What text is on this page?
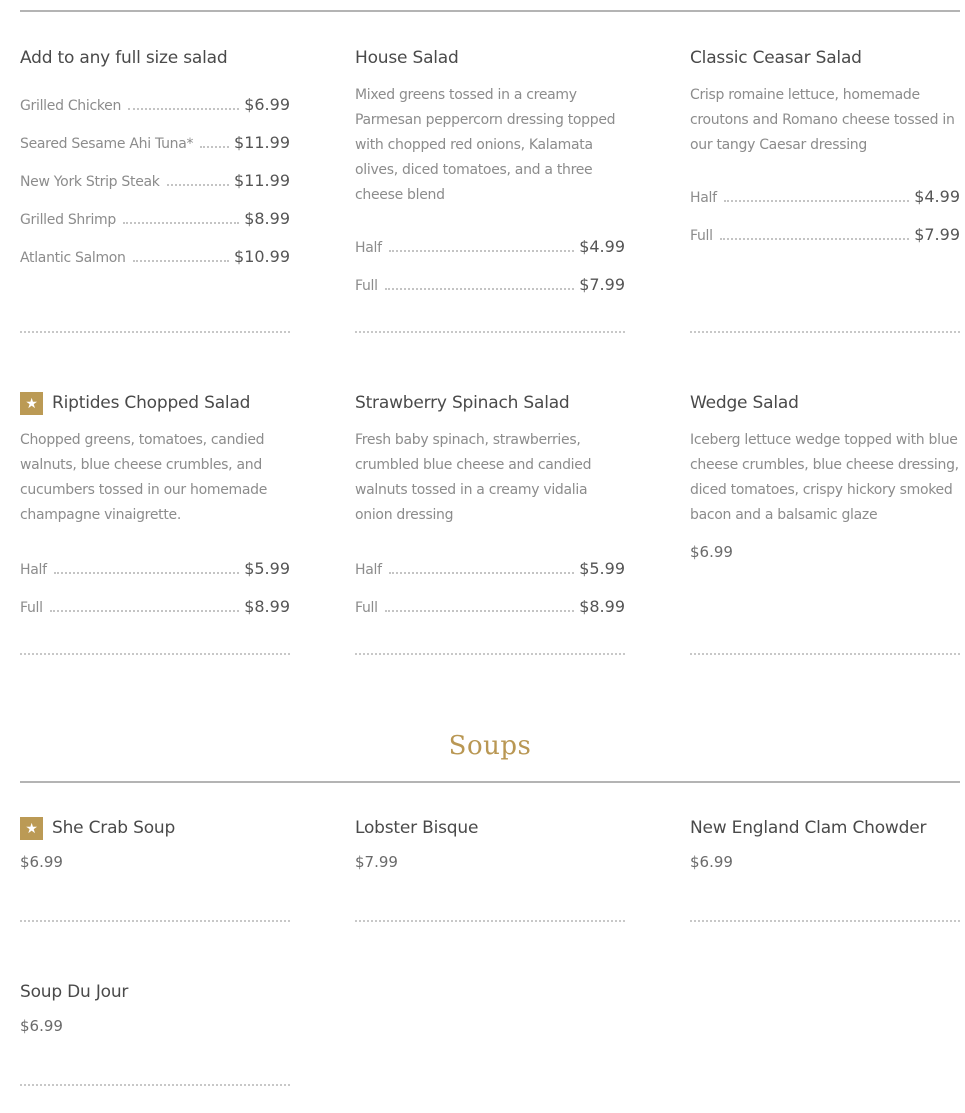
Add to any full size salad
Grilled Chicken	$6.99
Seared Sesame Ahi Tuna*	$11.99
New York Strip Steak	$11.99
Grilled Shrimp	$8.99
Atlantic Salmon	$10.99
House Salad
Mixed greens tossed in a creamy Parmesan peppercorn dressing topped with chopped red onions, Kalamata olives, diced tomatoes, and a three cheese blend
Half	$4.99
Full	$7.99
Classic Ceasar Salad
Crisp romaine lettuce, homemade croutons and Romano cheese tossed in our tangy Caesar dressing
Half	$4.99
Full	$7.99
★ Riptides Chopped Salad
Chopped greens, tomatoes, candied walnuts, blue cheese crumbles, and cucumbers tossed in our homemade champagne vinaigrette.
Half	$5.99
Full	$8.99
Strawberry Spinach Salad
Fresh baby spinach, strawberries, crumbled blue cheese and candied walnuts tossed in a creamy vidalia onion dressing
Half	$5.99
Full	$8.99
Wedge Salad
Iceberg lettuce wedge topped with blue cheese crumbles, blue cheese dressing, diced tomatoes, crispy hickory smoked bacon and a balsamic glaze
$6.99
Soups
★ She Crab Soup
$6.99
Lobster Bisque
$7.99
New England Clam Chowder
$6.99
Soup Du Jour
$6.99
